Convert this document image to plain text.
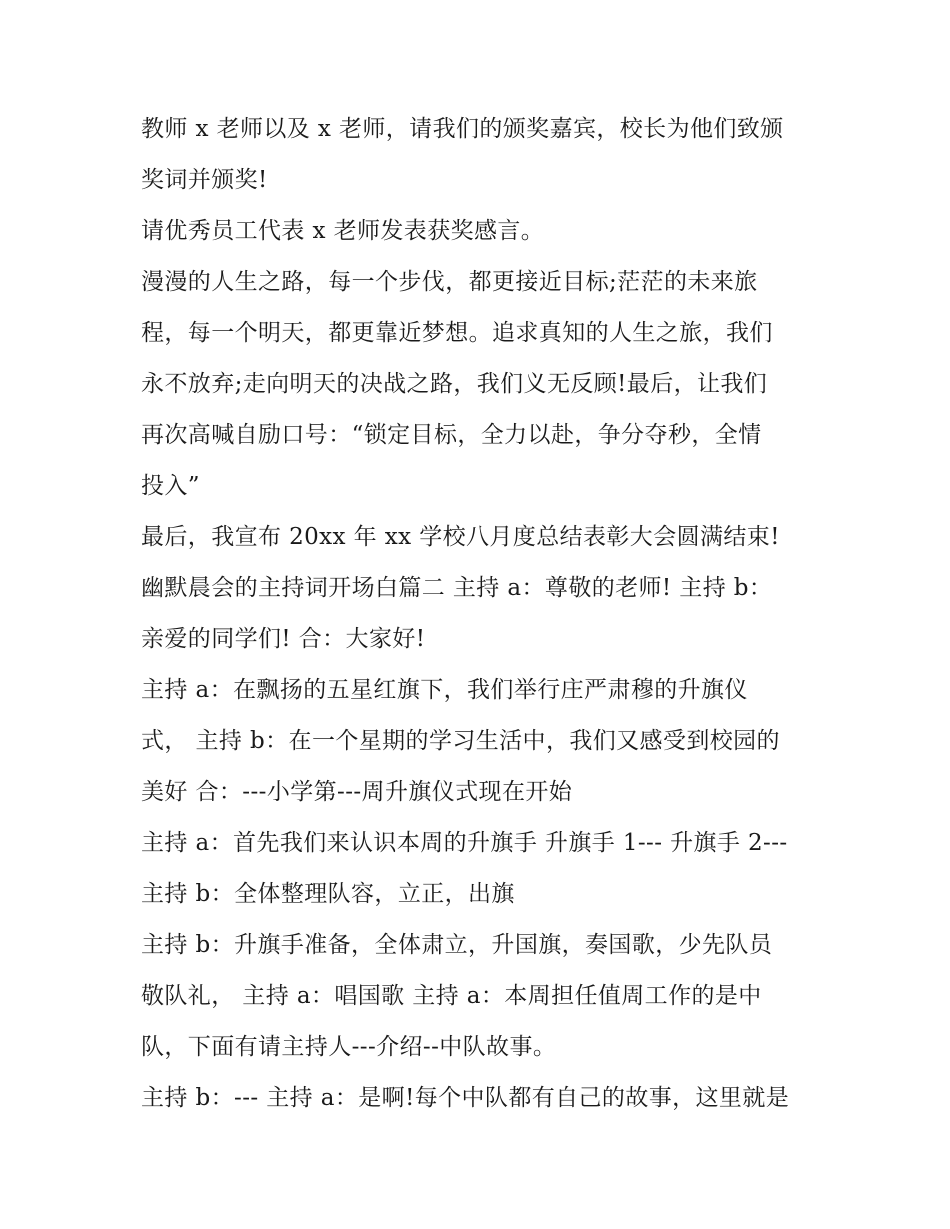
教师 x 老师以及 x 老师，请我们的颁奖嘉宾，校长为他们致颁
奖词并颁奖!
请优秀员工代表 x 老师发表获奖感言。
漫漫的人生之路，每一个步伐，都更接近目标;茫茫的未来旅
程，每一个明天，都更靠近梦想。追求真知的人生之旅，我们
永不放弃;走向明天的决战之路，我们义无反顾!最后，让我们
再次高喊自励口号：“锁定目标，全力以赴，争分夺秒，全情
投入”
最后，我宣布 20xx 年 xx 学校八月度总结表彰大会圆满结束!
幽默晨会的主持词开场白篇二 主持 a：尊敬的老师! 主持 b：
亲爱的同学们! 合：大家好!
主持 a：在飘扬的五星红旗下，我们举行庄严肃穆的升旗仪
式， 主持 b：在一个星期的学习生活中，我们又感受到校园的
美好 合：---小学第---周升旗仪式现在开始
主持 a：首先我们来认识本周的升旗手 升旗手 1--- 升旗手 2---
主持 b：全体整理队容，立正，出旗
主持 b：升旗手准备，全体肃立，升国旗，奏国歌，少先队员
敬队礼， 主持 a：唱国歌 主持 a：本周担任值周工作的是中
队，下面有请主持人---介绍--中队故事。
主持 b：--- 主持 a：是啊!每个中队都有自己的故事，这里就是
